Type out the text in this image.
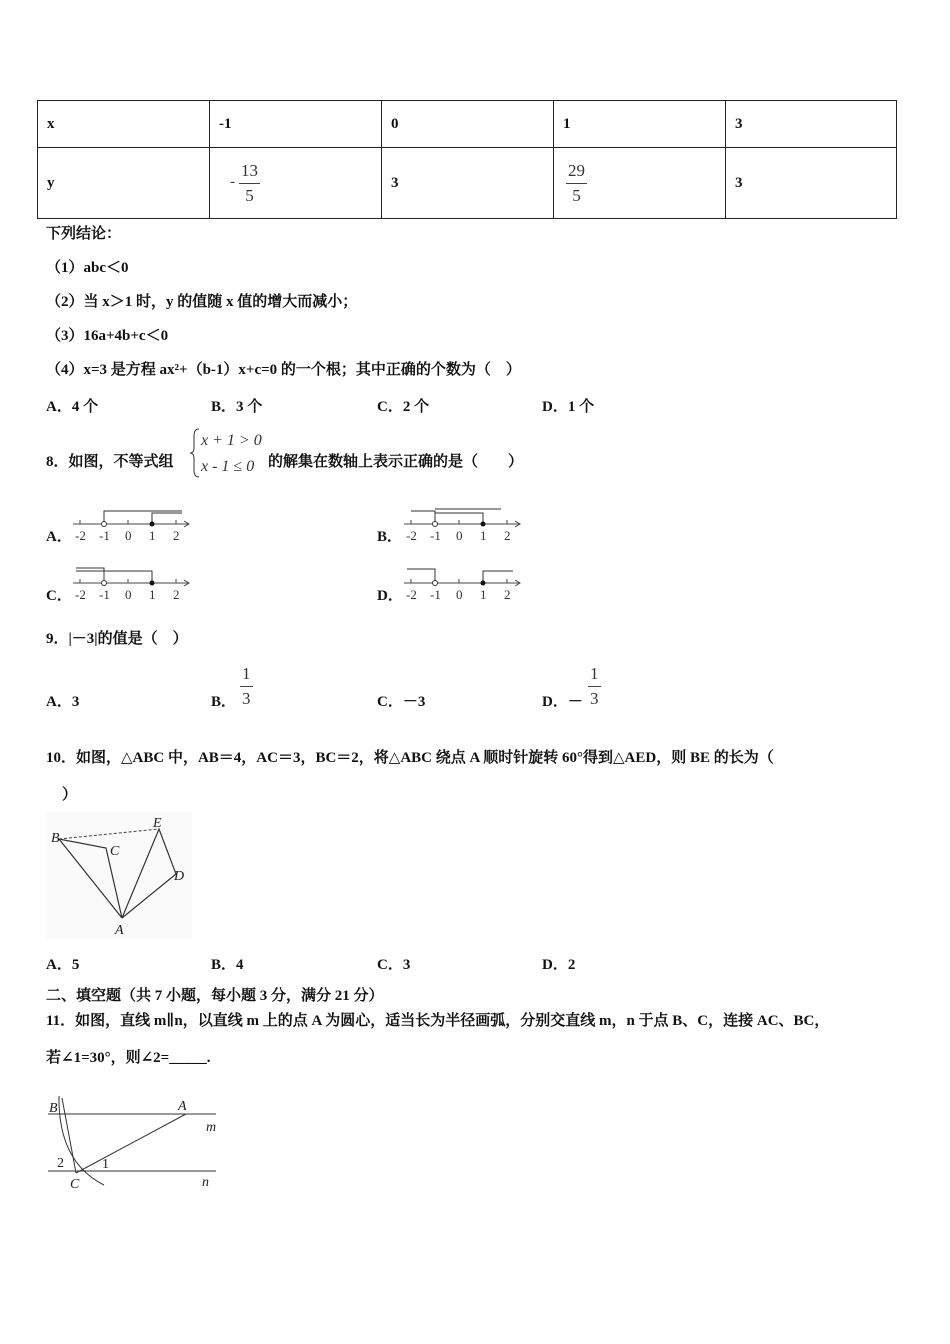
x	-1	0	1	3
y	- $\frac{13}{5}$	3	$\frac{29}{5}$	3
下列结论：
（1）abc＜0
（2）当 x＞1 时，y 的值随 x 值的增大而减小；
（3）16a+4b+c＜0
（4）x=3 是方程 ax²+（b-1）x+c=0 的一个根；其中正确的个数为（　）
A．4 个	B．3 个	C．2 个	D．1 个
8．如图，不等式组
x + 1 > 0
x - 1 ≤ 0 的解集在数轴上表示正确的是（　　）
A．	B．
C．	D．
-2 -1 0 1 2	-2 -1 0 1 2
-2 -1 0 1 2	-2 -1 0 1 2
9．|－3|的值是（　）
A．3	B． $\frac{1}{3}$	C．－3	D．－ $\frac{1}{3}$
10．如图，△ABC 中，AB＝4，AC＝3，BC＝2，将△ABC 绕点 A 顺时针旋转 60°得到△AED，则 BE 的长为（
）
B
C
E
D
A
A．5	B．4	C．3	D．2
二、填空题（共 7 小题，每小题 3 分，满分 21 分）
11．如图，直线 m∥n，以直线 m 上的点 A 为圆心，适当长为半径画弧，分别交直线 m，n 于点 B、C，连接 AC、BC，
若∠1=30°，则∠2=_____.
B	A
m
n
2	1
C
